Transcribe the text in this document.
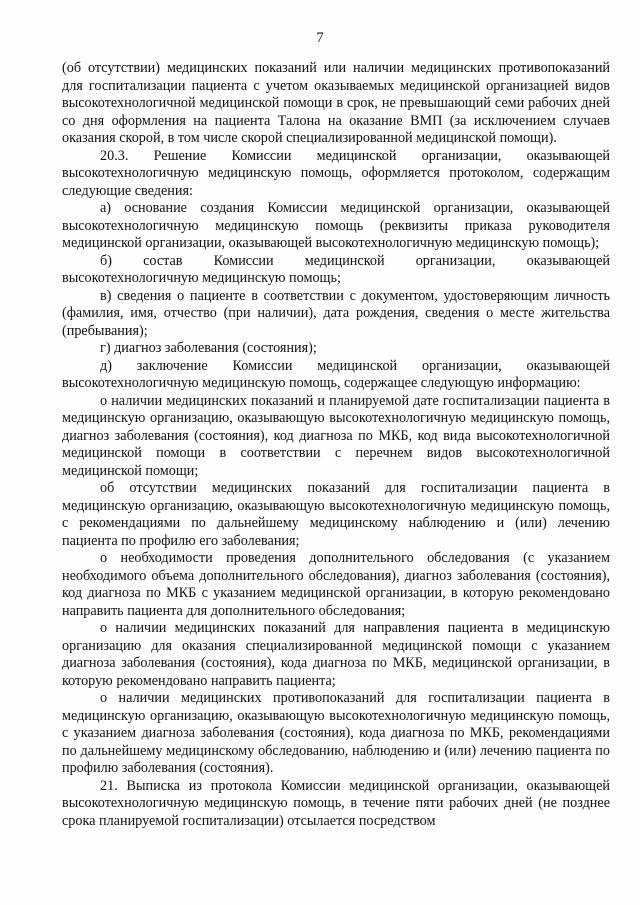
7

(об отсутствии) медицинских показаний или наличии медицинских противопоказаний для госпитализации пациента с учетом оказываемых медицинской организацией видов высокотехнологичной медицинской помощи в срок, не превышающий семи рабочих дней со дня оформления на пациента Талона на оказание ВМП (за исключением случаев оказания скорой, в том числе скорой специализированной медицинской помощи).

20.3. Решение Комиссии медицинской организации, оказывающей высокотехнологичную медицинскую помощь, оформляется протоколом, содержащим следующие сведения:

а) основание создания Комиссии медицинской организации, оказывающей высокотехнологичную медицинскую помощь (реквизиты приказа руководителя медицинской организации, оказывающей высокотехнологичную медицинскую помощь);

б) состав Комиссии медицинской организации, оказывающей высокотехнологичную медицинскую помощь;

в) сведения о пациенте в соответствии с документом, удостоверяющим личность (фамилия, имя, отчество (при наличии), дата рождения, сведения о месте жительства (пребывания);

г) диагноз заболевания (состояния);

д) заключение Комиссии медицинской организации, оказывающей высокотехнологичную медицинскую помощь, содержащее следующую информацию:

о наличии медицинских показаний и планируемой дате госпитализации пациента в медицинскую организацию, оказывающую высокотехнологичную медицинскую помощь, диагноз заболевания (состояния), код диагноза по МКБ, код вида высокотехнологичной медицинской помощи в соответствии с перечнем видов высокотехнологичной медицинской помощи;

об отсутствии медицинских показаний для госпитализации пациента в медицинскую организацию, оказывающую высокотехнологичную медицинскую помощь, с рекомендациями по дальнейшему медицинскому наблюдению и (или) лечению пациента по профилю его заболевания;

о необходимости проведения дополнительного обследования (с указанием необходимого объема дополнительного обследования), диагноз заболевания (состояния), код диагноза по МКБ с указанием медицинской организации, в которую рекомендовано направить пациента для дополнительного обследования;

о наличии медицинских показаний для направления пациента в медицинскую организацию для оказания специализированной медицинской помощи с указанием диагноза заболевания (состояния), кода диагноза по МКБ, медицинской организации, в которую рекомендовано направить пациента;

о наличии медицинских противопоказаний для госпитализации пациента в медицинскую организацию, оказывающую высокотехнологичную медицинскую помощь, с указанием диагноза заболевания (состояния), кода диагноза по МКБ, рекомендациями по дальнейшему медицинскому обследованию, наблюдению и (или) лечению пациента по профилю заболевания (состояния).

21. Выписка из протокола Комиссии медицинской организации, оказывающей высокотехнологичную медицинскую помощь, в течение пяти рабочих дней (не позднее срока планируемой госпитализации) отсылается посредством
